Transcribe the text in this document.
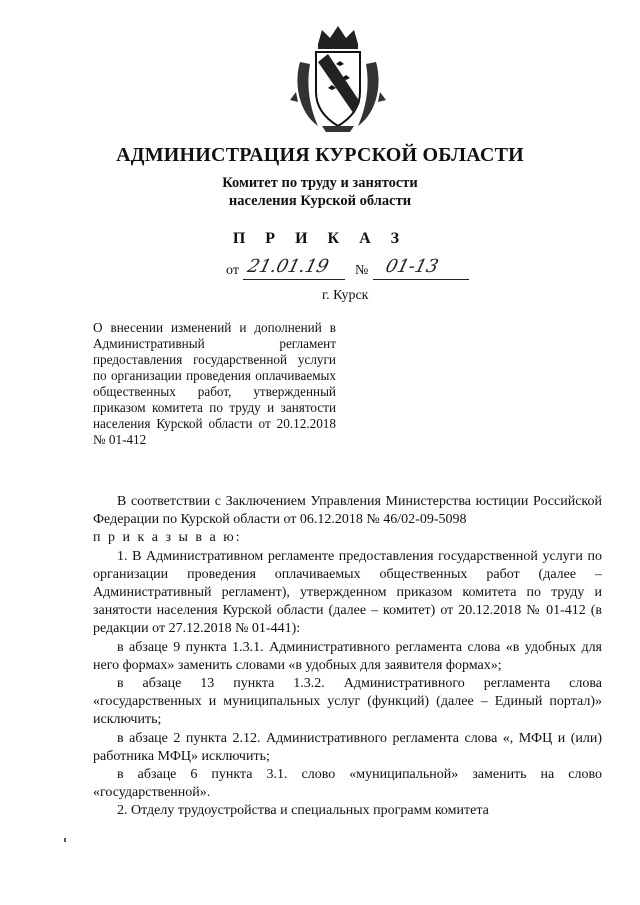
АДМИНИСТРАЦИЯ КУРСКОЙ ОБЛАСТИ
Комитет по труду и занятости
населения Курской области
П Р И К А З
от 21.01.19 № 01-13
г. Курск
О внесении изменений и дополнений в Административный регламент предоставления государственной услуги по организации проведения оплачиваемых общественных работ, утвержденный приказом комитета по труду и занятости населения Курской области от 20.12.2018 № 01-412

В соответствии с Заключением Управления Министерства юстиции Российской Федерации по Курской области от 06.12.2018 № 46/02-09-5098

п р и к а з ы в а ю:

1. В Административном регламенте предоставления государственной услуги по организации проведения оплачиваемых общественных работ (далее – Административный регламент), утвержденном приказом комитета по труду и занятости населения Курской области (далее – комитет) от 20.12.2018 № 01-412 (в редакции от 27.12.2018 № 01-441):

в абзаце 9 пункта 1.3.1. Административного регламента слова «в удобных для него формах» заменить словами «в удобных для заявителя формах»;

в абзаце 13 пункта 1.3.2. Административного регламента слова «государственных и муниципальных услуг (функций) (далее – Единый портал)» исключить;

в абзаце 2 пункта 2.12. Административного регламента слова «, МФЦ и (или) работника МФЦ» исключить;

в абзаце 6 пункта 3.1. слово «муниципальной» заменить на слово «государственной».

2. Отделу трудоустройства и специальных программ комитета
